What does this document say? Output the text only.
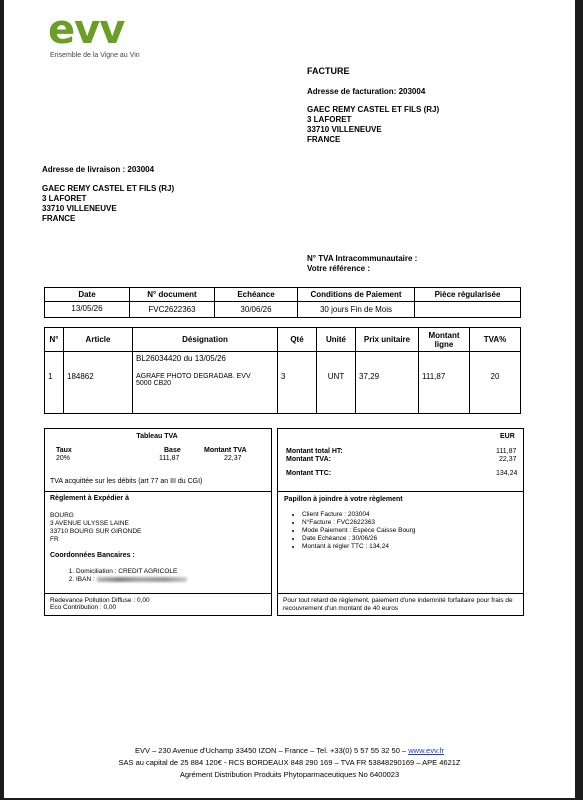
evv
Ensemble de la Vigne au Vin
FACTURE
Adresse de facturation: 203004
GAEC REMY CASTEL ET FILS (RJ)
3 LAFORET
33710 VILLENEUVE
FRANCE
Adresse de livraison : 203004
GAEC REMY CASTEL ET FILS (RJ)
3 LAFORET
33710 VILLENEUVE
FRANCE
N° TVA Intracommunautaire :
Votre référence :
Date	N° document	Echéance	Conditions de Paiement	Pièce régularisée
13/05/26	FVC2622363	30/06/26	30 jours Fin de Mois	
N°	Article	Désignation	Qté	Unité	Prix unitaire	Montant ligne	TVA%
1	184862	BL26034420 du 13/05/26
AGRAFE PHOTO DEGRADAB. EVV 5000 CB20	3	UNT	37,29	111,87	20
Tableau TVA
Taux	Base	Montant TVA
20%	111,87	22,37
TVA acquittée sur les débits (art 77 an III du CGI)
Règlement à Expédier à
BOURG
3 AVENUE ULYSSE LAINE
33710 BOURG SUR GIRONDE
FR
Coordonnées Bancaires :
1. Domiciliation : CREDIT AGRICOLE
2. IBAN :
Redevance Pollution Diffuse : 0,00
Eco Contribution : 0,00
EUR
Montant total HT:	111,87
Montant TVA:	22,37
Montant TTC:	134,24
Papillon à joindre à votre règlement
• Client Facture : 203004
• N°Facture : FVC2622363
• Mode Paiement : Espèce Caisse Bourg
• Date Echéance : 30/06/26
• Montant à régler TTC : 134,24
Pour tout retard de règlement, paiement d'une indemnité forfaitaire pour frais de recouvrement d'un montant de 40 euros
EVV – 230 Avenue d'Uchamp 33450 IZON – France – Tel. +33(0) 5 57 55 32 50 – www.evv.fr
SAS au capital de 25 884 120€ - RCS BORDEAUX 848 290 169 – TVA FR 53848290169 – APE 4621Z
Agrément Distribution Produits Phytoparmaceutiques No 6400023
